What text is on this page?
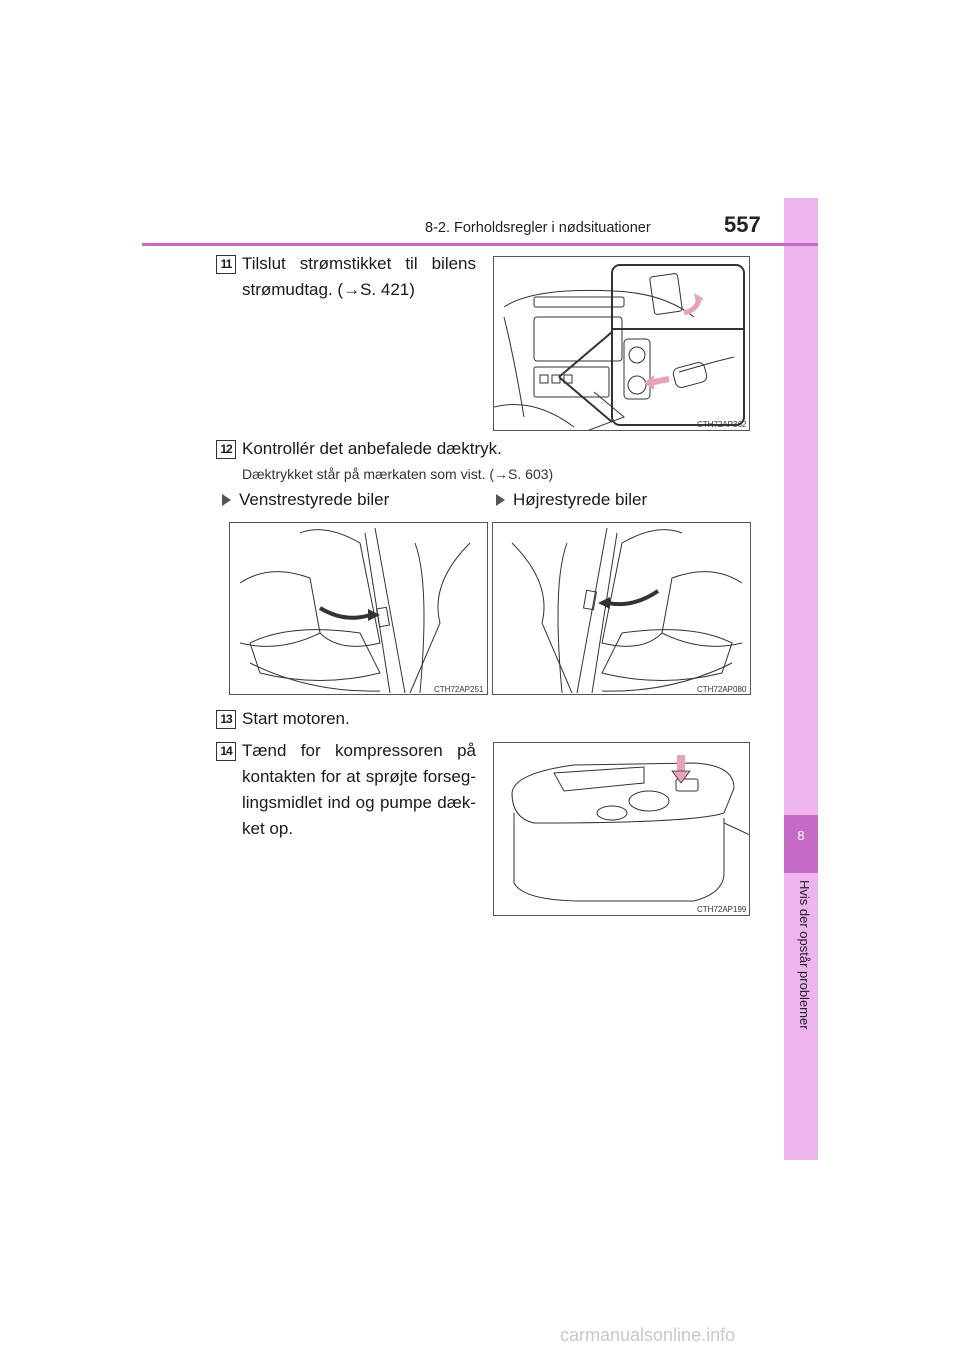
8
Hvis der opstår problemer
8-2. Forholdsregler i nødsituationer	557
11 Tilslut strømstikket til bilens strømudtag. (→S. 421)
CTH72AP362
12 Kontrollér det anbefalede dæktryk.
Dæktrykket står på mærkaten som vist. (→S. 603)
Venstrestyrede biler	Højrestyrede biler
CTH72AP251	CTH72AP080
13 Start motoren.
14 Tænd for kompressoren på kontakten for at sprøjte forseg-lingsmidlet ind og pumpe dæk-ket op.
CTH72AP199
carmanualsonline.info
